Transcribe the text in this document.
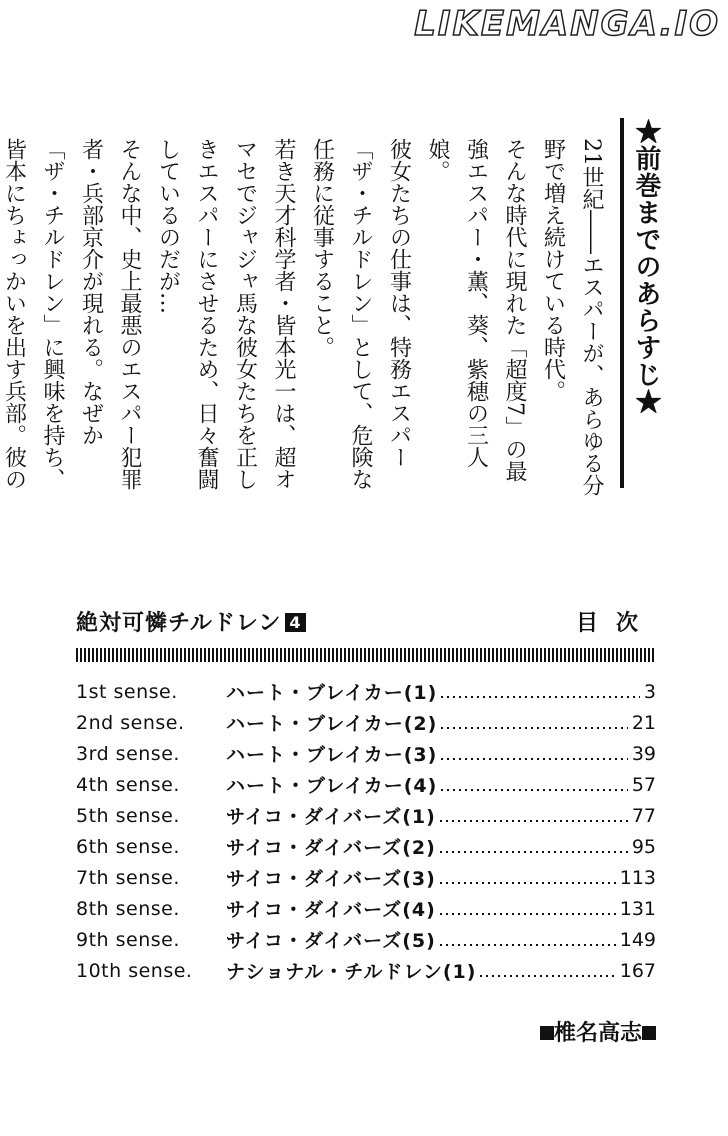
LIKEMANGA.IO
★前巻までのあらすじ★

21世紀――エスパーが、あらゆる分野で増え続けている時代。

そんな時代に現れた「超度7」の最強エスパー・薫、葵、紫穂の三人娘。

彼女たちの仕事は、特務エスパー「ザ・チルドレン」として、危険な任務に従事すること。

若き天才科学者・皆本光一は、超オマセでジャジャ馬な彼女たちを正しきエスパーにさせるため、日々奮闘しているのだが…

そんな中、史上最悪のエスパー犯罪者・兵部京介が現れる。なぜか「ザ・チルドレン」に興味を持ち、皆本にちょっかいを出す兵部。彼の

絶対可憐チルドレン 4	目次
1st sense.	ハート・ブレイカー(1)	3
2nd sense.	ハート・ブレイカー(2)	21
3rd sense.	ハート・ブレイカー(3)	39
4th sense.	ハート・ブレイカー(4)	57
5th sense.	サイコ・ダイバーズ(1)	77
6th sense.	サイコ・ダイバーズ(2)	95
7th sense.	サイコ・ダイバーズ(3)	113
8th sense.	サイコ・ダイバーズ(4)	131
9th sense.	サイコ・ダイバーズ(5)	149
10th sense.	ナショナル・チルドレン(1)	167
椎名高志
